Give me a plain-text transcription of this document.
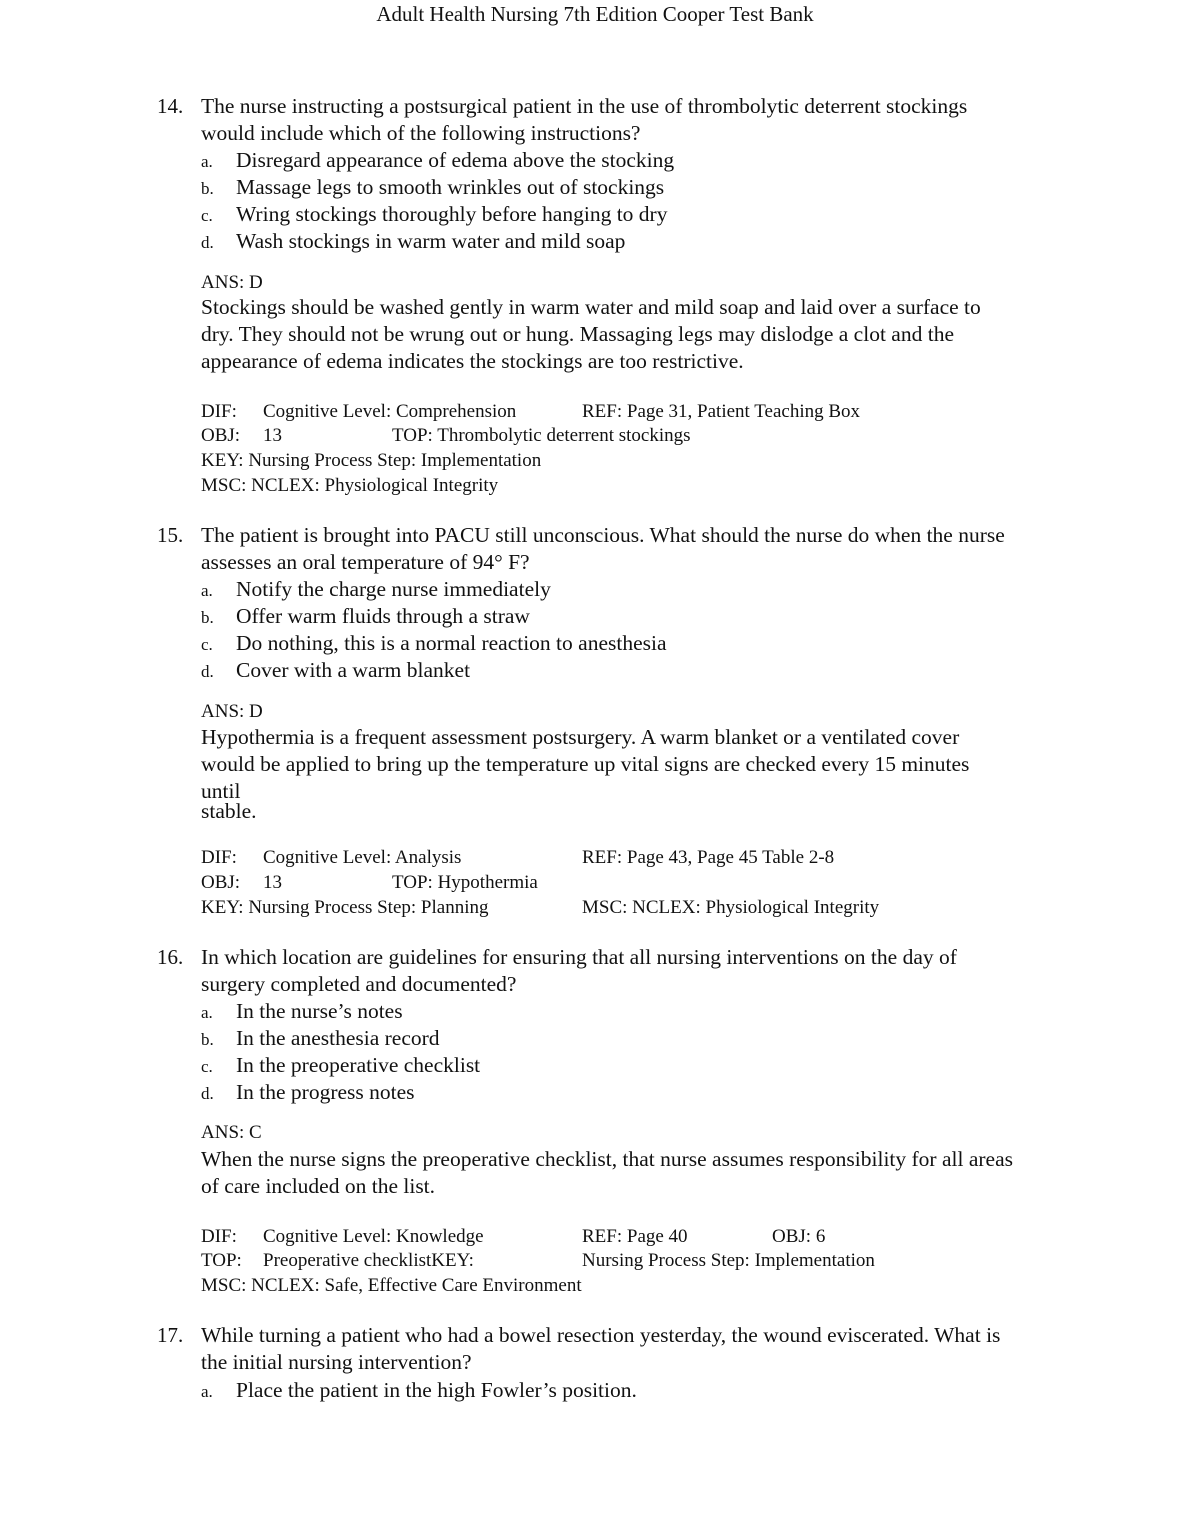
Adult Health Nursing 7th Edition Cooper Test Bank
14. The nurse instructing a postsurgical patient in the use of thrombolytic deterrent stockings
would include which of the following instructions?
a. Disregard appearance of edema above the stocking
b. Massage legs to smooth wrinkles out of stockings
c. Wring stockings thoroughly before hanging to dry
d. Wash stockings in warm water and mild soap
ANS: D
Stockings should be washed gently in warm water and mild soap and laid over a surface to
dry. They should not be wrung out or hung. Massaging legs may dislodge a clot and the
appearance of edema indicates the stockings are too restrictive.
DIF: Cognitive Level: Comprehension	REF: Page 31, Patient Teaching Box
OBJ: 13	TOP: Thrombolytic deterrent stockings
KEY: Nursing Process Step: Implementation
MSC: NCLEX: Physiological Integrity
15. The patient is brought into PACU still unconscious. What should the nurse do when the nurse
assesses an oral temperature of 94° F?
a. Notify the charge nurse immediately
b. Offer warm fluids through a straw
c. Do nothing, this is a normal reaction to anesthesia
d. Cover with a warm blanket
ANS: D
Hypothermia is a frequent assessment postsurgery. A warm blanket or a ventilated cover
would be applied to bring up the temperature up vital signs are checked every 15 minutes
until
stable.
DIF: Cognitive Level: Analysis	REF: Page 43, Page 45 Table 2-8
OBJ: 13	TOP: Hypothermia
KEY: Nursing Process Step: Planning	MSC: NCLEX: Physiological Integrity
16. In which location are guidelines for ensuring that all nursing interventions on the day of
surgery completed and documented?
a. In the nurse’s notes
b. In the anesthesia record
c. In the preoperative checklist
d. In the progress notes
ANS: C
When the nurse signs the preoperative checklist, that nurse assumes responsibility for all areas
of care included on the list.
DIF: Cognitive Level: Knowledge	REF: Page 40	OBJ: 6
TOP: Preoperative checklistKEY:	Nursing Process Step: Implementation
MSC: NCLEX: Safe, Effective Care Environment
17. While turning a patient who had a bowel resection yesterday, the wound eviscerated. What is
the initial nursing intervention?
a. Place the patient in the high Fowler’s position.
